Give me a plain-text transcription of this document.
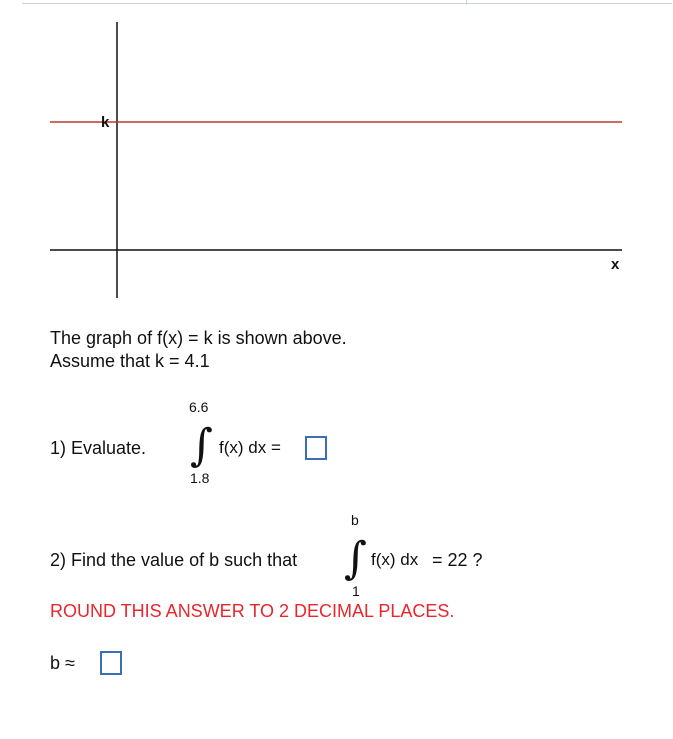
k
x
The graph of f(x) = k is shown above.
Assume that k = 4.1
1) Evaluate.
6.6
∫
1.8
f(x) dx =
b
2) Find the value of b such that ∫
1
f(x) dx = 22 ?
ROUND THIS ANSWER TO 2 DECIMAL PLACES.
b ≈
